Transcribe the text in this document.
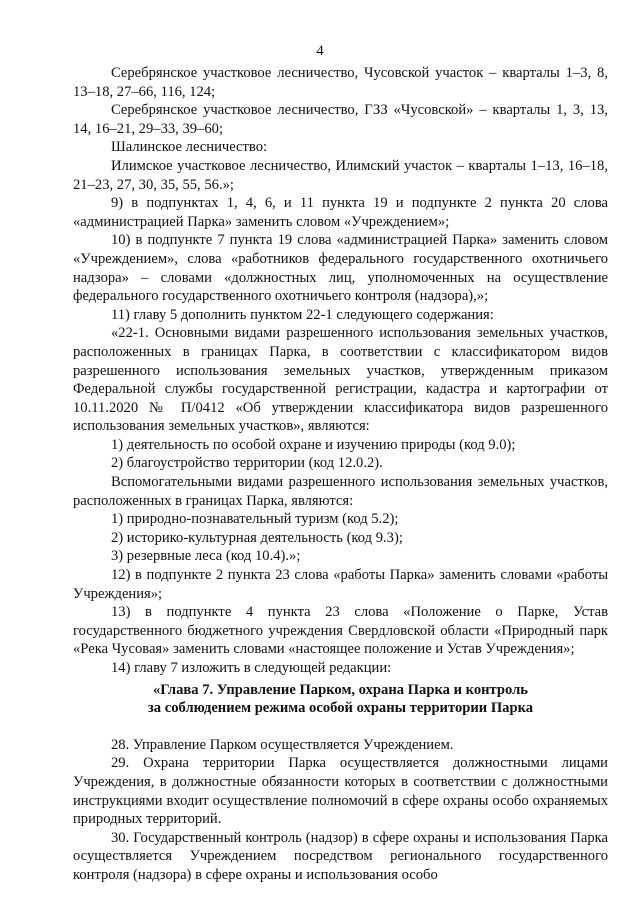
4

Серебрянское участковое лесничество, Чусовской участок – кварталы 1–3, 8, 13–18, 27–66, 116, 124;

Серебрянское участковое лесничество, ГЗЗ «Чусовской» – кварталы 1, 3, 13, 14, 16–21, 29–33, 39–60;

Шалинское лесничество:

Илимское участковое лесничество, Илимский участок – кварталы 1–13, 16–18, 21–23, 27, 30, 35, 55, 56.»;

9) в подпунктах 1, 4, 6, и 11 пункта 19 и подпункте 2 пункта 20 слова «администрацией Парка» заменить словом «Учреждением»;

10) в подпункте 7 пункта 19 слова «администрацией Парка» заменить словом «Учреждением», слова «работников федерального государственного охотничьего надзора» – словами «должностных лиц, уполномоченных на осуществление федерального государственного охотничьего контроля (надзора),»;

11) главу 5 дополнить пунктом 22-1 следующего содержания:

«22-1. Основными видами разрешенного использования земельных участков, расположенных в границах Парка, в соответствии с классификатором видов разрешенного использования земельных участков, утвержденным приказом Федеральной службы государственной регистрации, кадастра и картографии от 10.11.2020 № П/0412 «Об утверждении классификатора видов разрешенного использования земельных участков», являются:

1) деятельность по особой охране и изучению природы (код 9.0);

2) благоустройство территории (код 12.0.2).

Вспомогательными видами разрешенного использования земельных участков, расположенных в границах Парка, являются:

1) природно-познавательный туризм (код 5.2);

2) историко-культурная деятельность (код 9.3);

3) резервные леса (код 10.4).»;

12) в подпункте 2 пункта 23 слова «работы Парка» заменить словами «работы Учреждения»;

13) в подпункте 4 пункта 23 слова «Положение о Парке, Устав государственного бюджетного учреждения Свердловской области «Природный парк «Река Чусовая» заменить словами «настоящее положение и Устав Учреждения»;

14) главу 7 изложить в следующей редакции:

«Глава 7. Управление Парком, охрана Парка и контроль
за соблюдением режима особой охраны территории Парка

28. Управление Парком осуществляется Учреждением.

29. Охрана территории Парка осуществляется должностными лицами Учреждения, в должностные обязанности которых в соответствии с должностными инструкциями входит осуществление полномочий в сфере охраны особо охраняемых природных территорий.

30. Государственный контроль (надзор) в сфере охраны и использования Парка осуществляется Учреждением посредством регионального государственного контроля (надзора) в сфере охраны и использования особо
